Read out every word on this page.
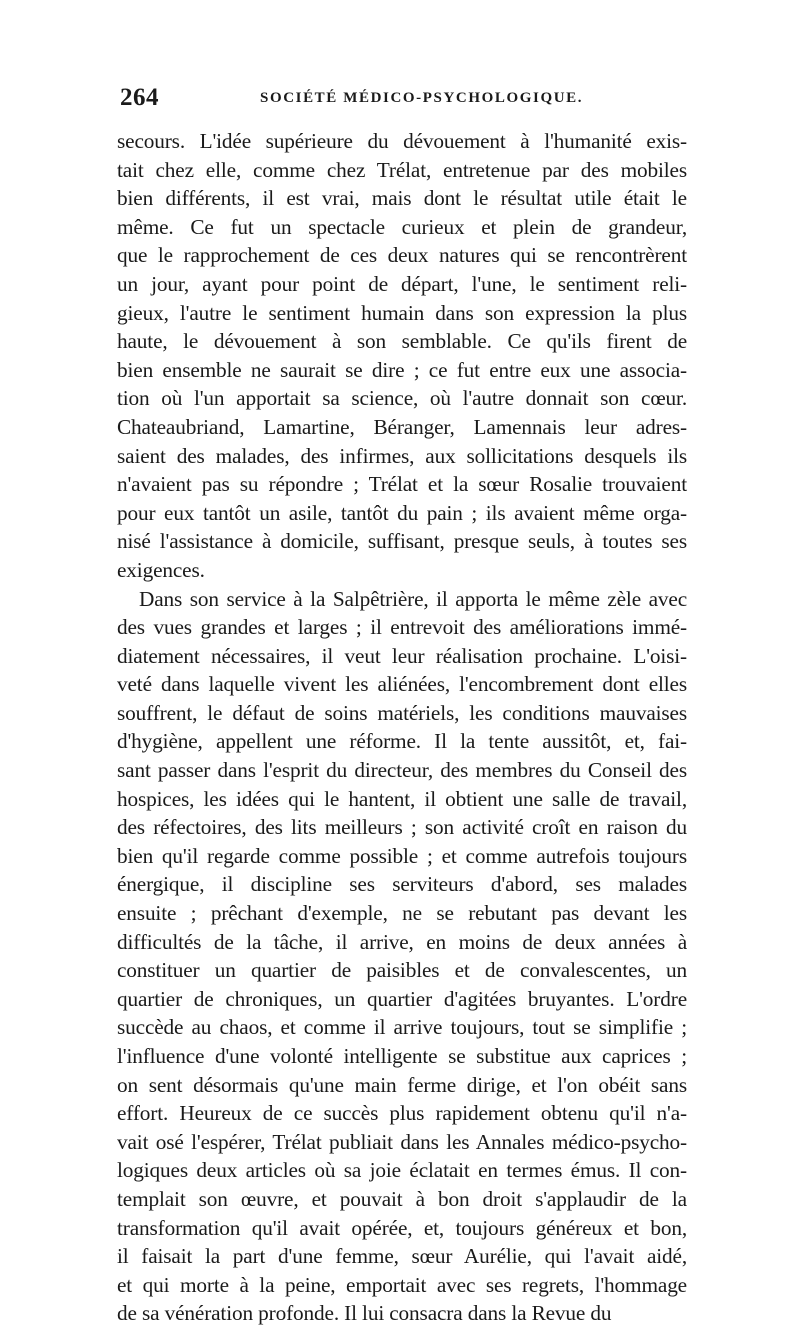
264	SOCIÉTÉ MÉDICO-PSYCHOLOGIQUE.
secours. L'idée supérieure du dévouement à l'humanité exis-
tait chez elle, comme chez Trélat, entretenue par des mobiles
bien différents, il est vrai, mais dont le résultat utile était le
même. Ce fut un spectacle curieux et plein de grandeur,
que le rapprochement de ces deux natures qui se rencontrèrent
un jour, ayant pour point de départ, l'une, le sentiment reli-
gieux, l'autre le sentiment humain dans son expression la plus
haute, le dévouement à son semblable. Ce qu'ils firent de
bien ensemble ne saurait se dire ; ce fut entre eux une associa-
tion où l'un apportait sa science, où l'autre donnait son cœur.
Chateaubriand, Lamartine, Béranger, Lamennais leur adres-
saient des malades, des infirmes, aux sollicitations desquels ils
n'avaient pas su répondre ; Trélat et la sœur Rosalie trouvaient
pour eux tantôt un asile, tantôt du pain ; ils avaient même orga-
nisé l'assistance à domicile, suffisant, presque seuls, à toutes ses
exigences.
Dans son service à la Salpêtrière, il apporta le même zèle avec
des vues grandes et larges ; il entrevoit des améliorations immé-
diatement nécessaires, il veut leur réalisation prochaine. L'oisi-
veté dans laquelle vivent les aliénées, l'encombrement dont elles
souffrent, le défaut de soins matériels, les conditions mauvaises
d'hygiène, appellent une réforme. Il la tente aussitôt, et, fai-
sant passer dans l'esprit du directeur, des membres du Conseil des
hospices, les idées qui le hantent, il obtient une salle de travail,
des réfectoires, des lits meilleurs ; son activité croît en raison du
bien qu'il regarde comme possible ; et comme autrefois toujours
énergique, il discipline ses serviteurs d'abord, ses malades
ensuite ; prêchant d'exemple, ne se rebutant pas devant les
difficultés de la tâche, il arrive, en moins de deux années à
constituer un quartier de paisibles et de convalescentes, un
quartier de chroniques, un quartier d'agitées bruyantes. L'ordre
succède au chaos, et comme il arrive toujours, tout se simplifie ;
l'influence d'une volonté intelligente se substitue aux caprices ;
on sent désormais qu'une main ferme dirige, et l'on obéit sans
effort. Heureux de ce succès plus rapidement obtenu qu'il n'a-
vait osé l'espérer, Trélat publiait dans les Annales médico-psycho-
logiques deux articles où sa joie éclatait en termes émus. Il con-
templait son œuvre, et pouvait à bon droit s'applaudir de la
transformation qu'il avait opérée, et, toujours généreux et bon,
il faisait la part d'une femme, sœur Aurélie, qui l'avait aidé,
et qui morte à la peine, emportait avec ses regrets, l'hommage
de sa vénération profonde. Il lui consacra dans la Revue du
